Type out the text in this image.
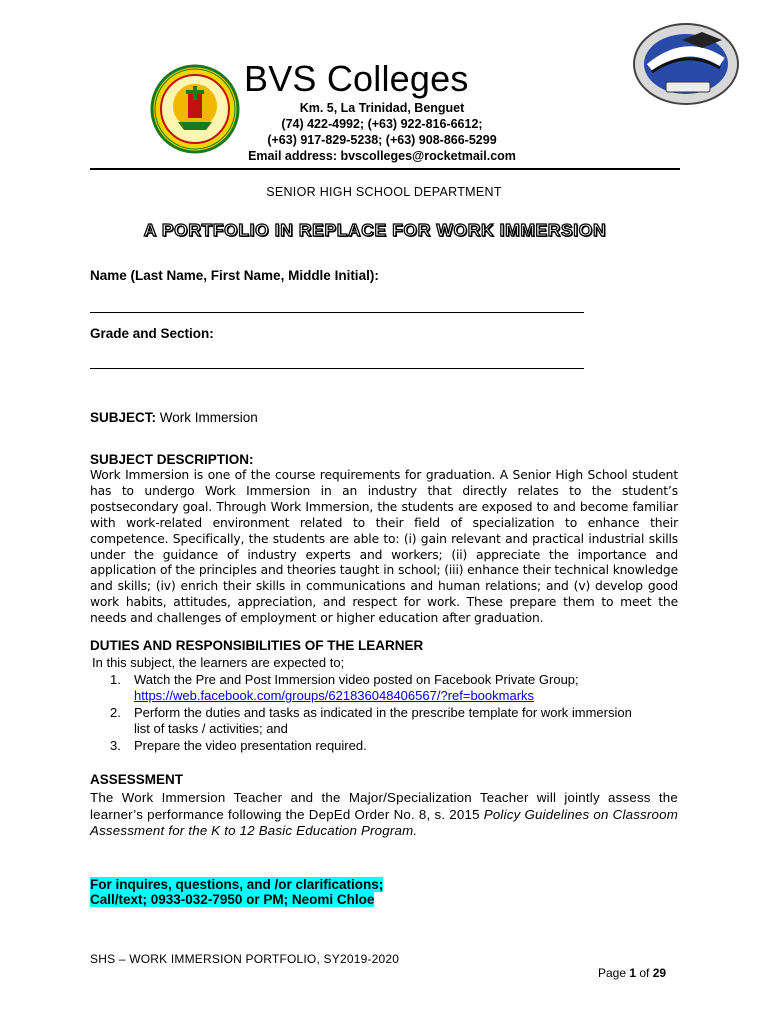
BVS Colleges
Km. 5, La Trinidad, Benguet
(74) 422-4992; (+63) 922-816-6612;
(+63) 917-829-5238; (+63) 908-866-5299
Email address: bvscolleges@rocketmail.com
SENIOR HIGH SCHOOL DEPARTMENT
A PORTFOLIO IN REPLACE FOR WORK IMMERSION
Name (Last Name, First Name, Middle Initial):
Grade and Section:
SUBJECT: Work Immersion
SUBJECT DESCRIPTION:
Work Immersion is one of the course requirements for graduation. A Senior High School student has to undergo Work Immersion in an industry that directly relates to the student’s postsecondary goal. Through Work Immersion, the students are exposed to and become familiar with work-related environment related to their field of specialization to enhance their competence. Specifically, the students are able to: (i) gain relevant and practical industrial skills under the guidance of industry experts and workers; (ii) appreciate the importance and application of the principles and theories taught in school; (iii) enhance their technical knowledge and skills; (iv) enrich their skills in communications and human relations; and (v) develop good work habits, attitudes, appreciation, and respect for work. These prepare them to meet the needs and challenges of employment or higher education after graduation.
DUTIES AND RESPONSIBILITIES OF THE LEARNER
In this subject, the learners are expected to;
1. Watch the Pre and Post Immersion video posted on Facebook Private Group;
https://web.facebook.com/groups/621836048406567/?ref=bookmarks
2. Perform the duties and tasks as indicated in the prescribe template for work immersion list of tasks / activities; and
3. Prepare the video presentation required.
ASSESSMENT
The Work Immersion Teacher and the Major/Specialization Teacher will jointly assess the learner’s performance following the DepEd Order No. 8, s. 2015 Policy Guidelines on Classroom Assessment for the K to 12 Basic Education Program.
For inquires, questions, and /or clarifications;
Call/text; 0933-032-7950 or PM; Neomi Chloe
SHS – WORK IMMERSION PORTFOLIO, SY2019-2020
Page 1 of 29
